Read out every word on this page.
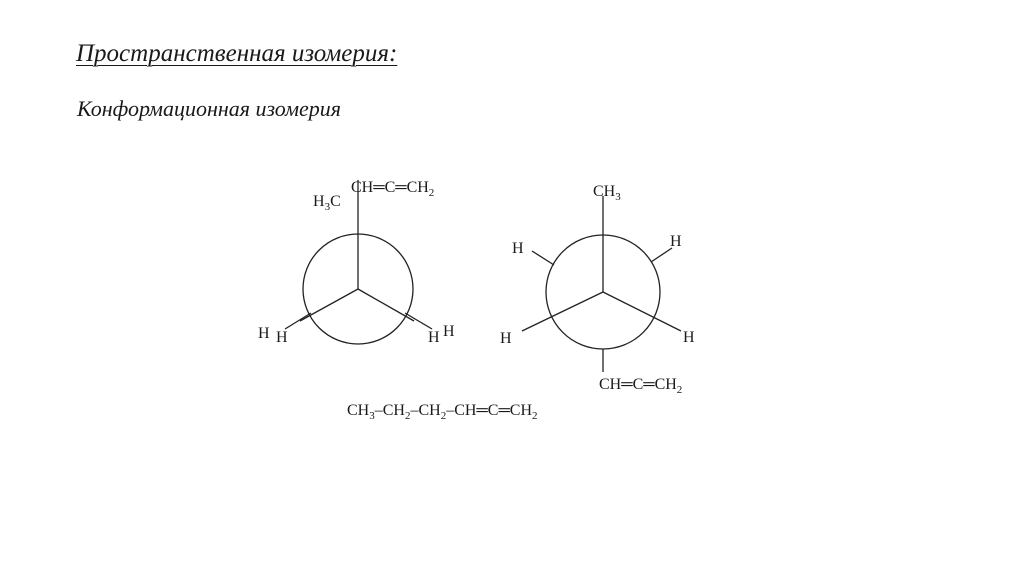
Пространственная изомерия:
Конформационная изомерия
$CH═C═CH_2$
$H_3C$
H H	H H
$CH_3$
H	H
H	H
$CH═C═CH_2$
$CH_3-CH_2-CH_2-CH═C═CH_2$
